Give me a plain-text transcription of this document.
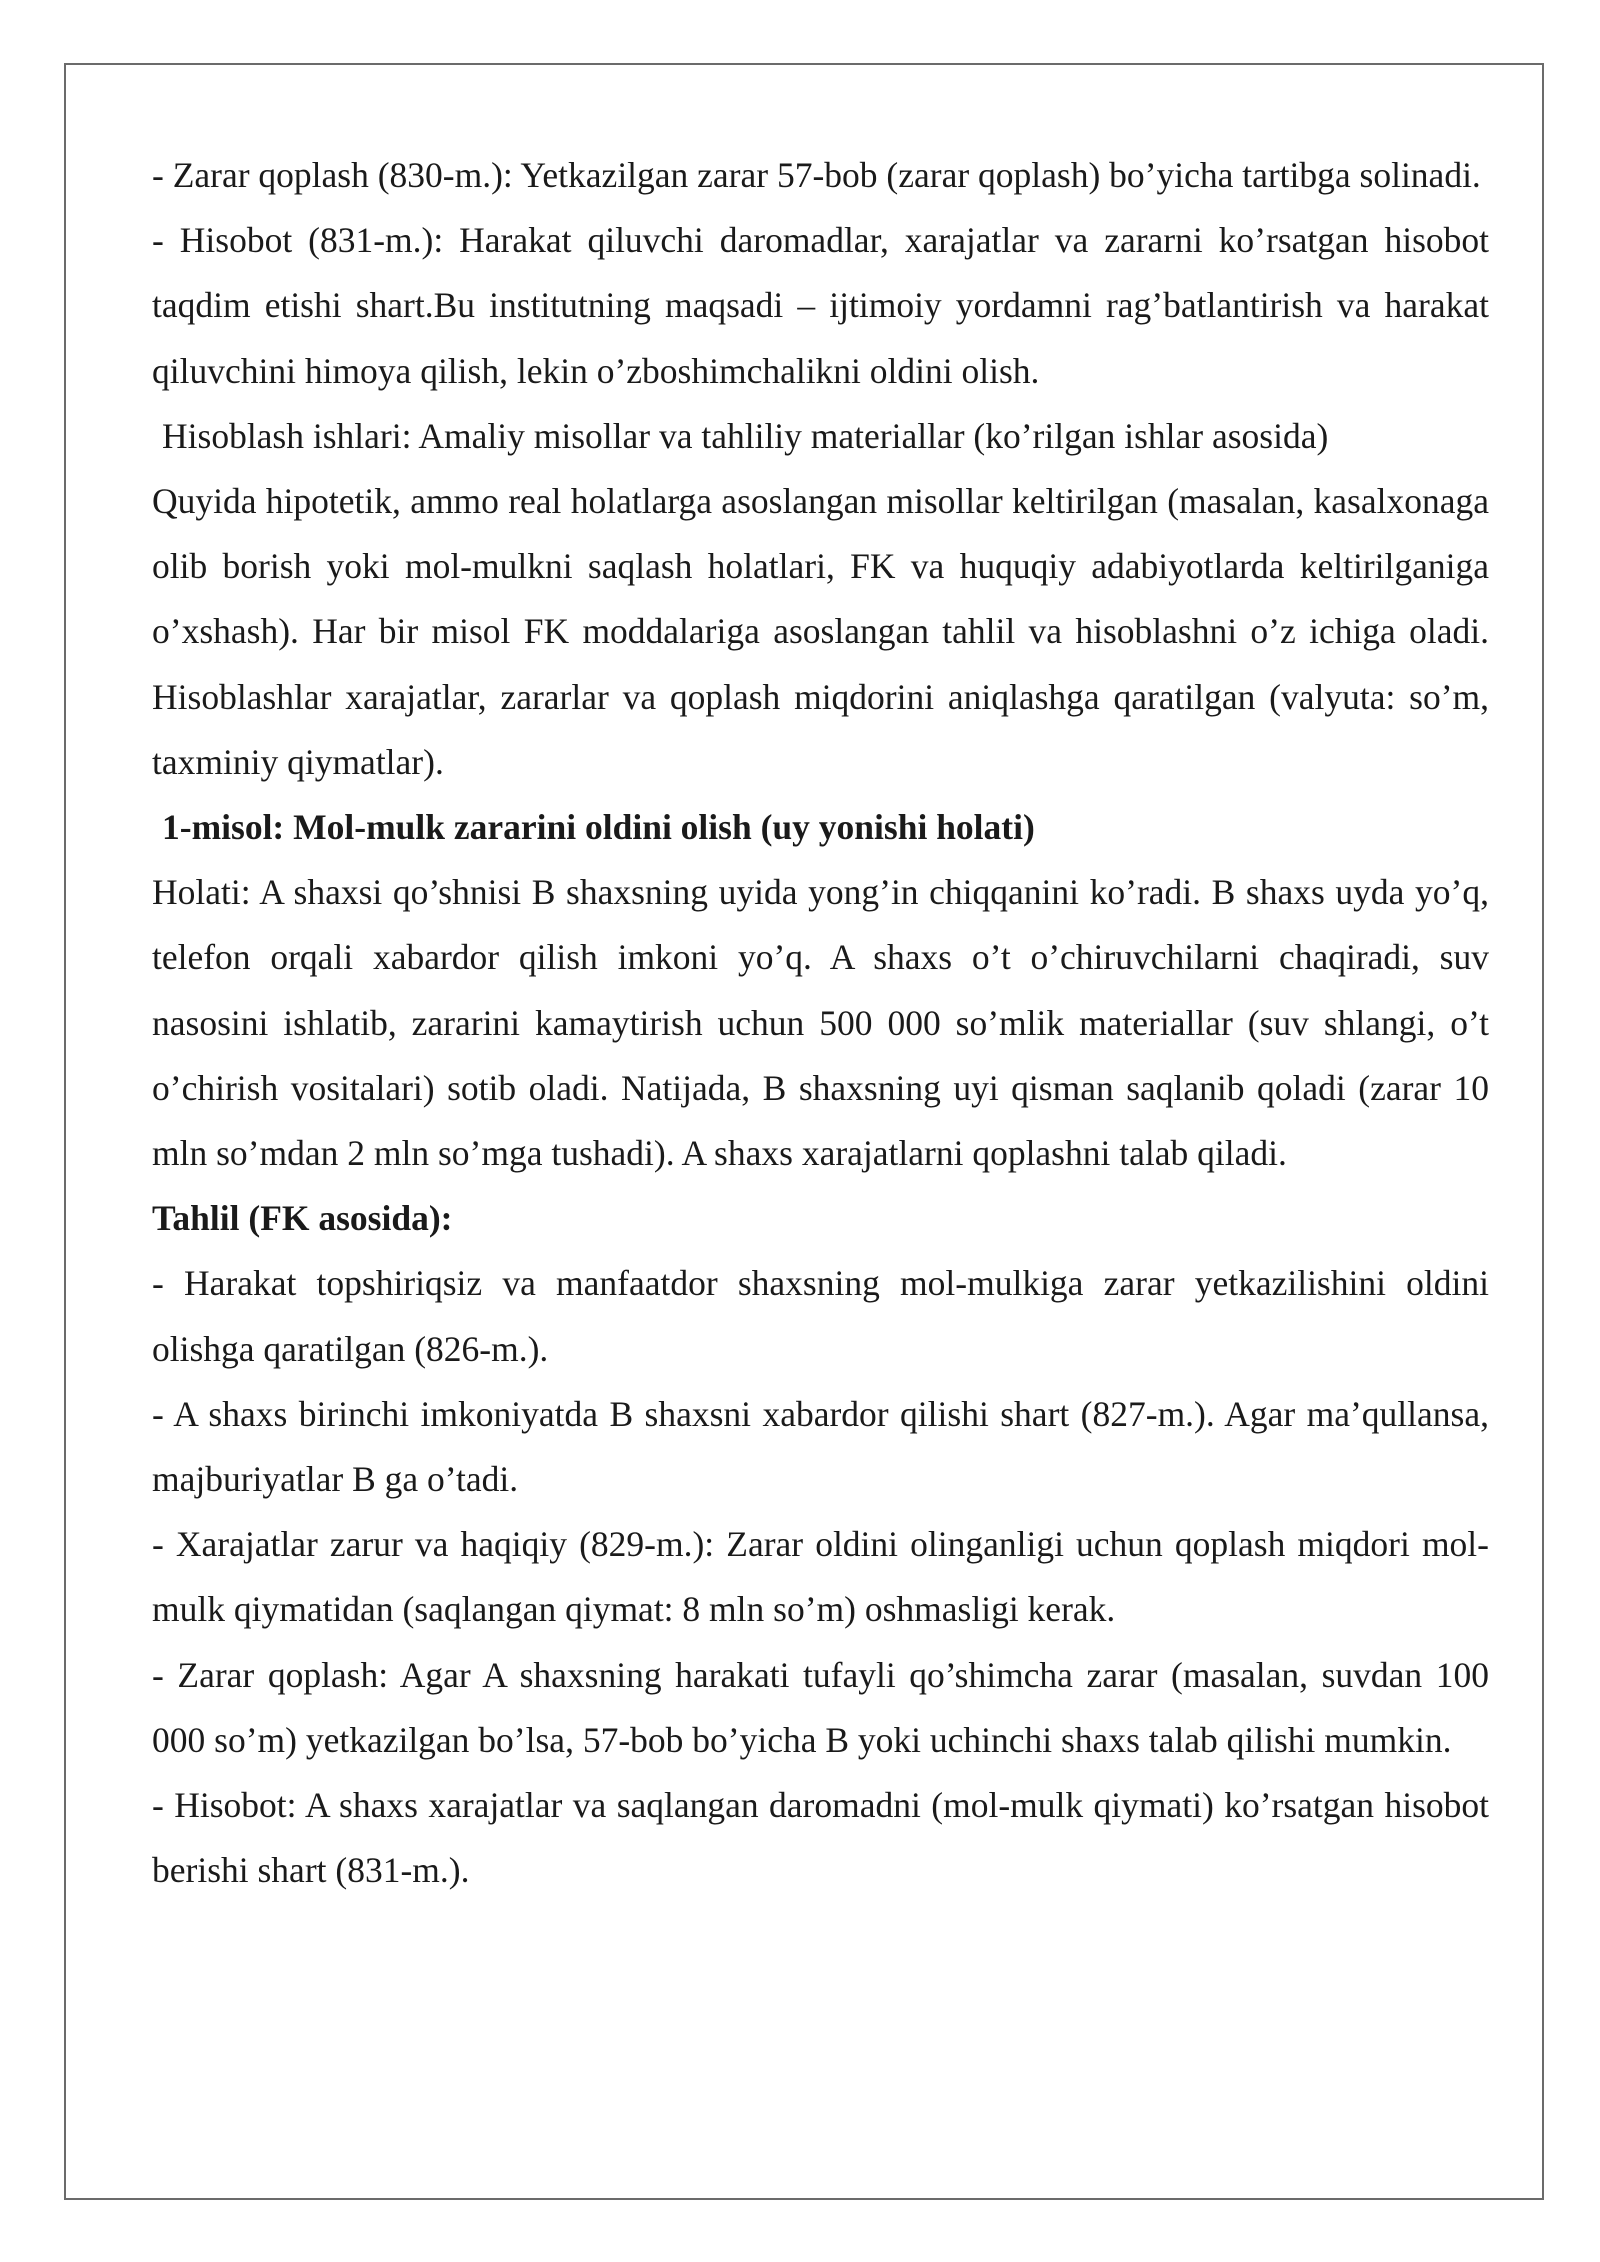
- Zarar qoplash (830-m.): Yetkazilgan zarar 57-bob (zarar qoplash) bo’yicha tartibga solinadi.

- Hisobot (831-m.): Harakat qiluvchi daromadlar, xarajatlar va zararni ko’rsatgan hisobot taqdim etishi shart.Bu institutning maqsadi – ijtimoiy yordamni rag’batlantirish va harakat qiluvchini himoya qilish, lekin o’zboshimchalikni oldini olish.

Hisoblash ishlari: Amaliy misollar va tahliliy materiallar (ko’rilgan ishlar asosida)

Quyida hipotetik, ammo real holatlarga asoslangan misollar keltirilgan (masalan, kasalxonaga olib borish yoki mol-mulkni saqlash holatlari, FK va huquqiy adabiyotlarda keltirilganiga o’xshash). Har bir misol FK moddalariga asoslangan tahlil va hisoblashni o’z ichiga oladi. Hisoblashlar xarajatlar, zararlar va qoplash miqdorini aniqlashga qaratilgan (valyuta: so’m, taxminiy qiymatlar).

1-misol: Mol-mulk zararini oldini olish (uy yonishi holati)

Holati: A shaxsi qo’shnisi B shaxsning uyida yong’in chiqqanini ko’radi. B shaxs uyda yo’q, telefon orqali xabardor qilish imkoni yo’q. A shaxs o’t o’chiruvchilarni chaqiradi, suv nasosini ishlatib, zararini kamaytirish uchun 500 000 so’mlik materiallar (suv shlangi, o’t o’chirish vositalari) sotib oladi. Natijada, B shaxsning uyi qisman saqlanib qoladi (zarar 10 mln so’mdan 2 mln so’mga tushadi). A shaxs xarajatlarni qoplashni talab qiladi.

Tahlil (FK asosida):

- Harakat topshiriqsiz va manfaatdor shaxsning mol-mulkiga zarar yetkazilishini oldini olishga qaratilgan (826-m.).

- A shaxs birinchi imkoniyatda B shaxsni xabardor qilishi shart (827-m.). Agar ma’qullansa, majburiyatlar B ga o’tadi.

- Xarajatlar zarur va haqiqiy (829-m.): Zarar oldini olinganligi uchun qoplash miqdori mol-mulk qiymatidan (saqlangan qiymat: 8 mln so’m) oshmasligi kerak.

- Zarar qoplash: Agar A shaxsning harakati tufayli qo’shimcha zarar (masalan, suvdan 100 000 so’m) yetkazilgan bo’lsa, 57-bob bo’yicha B yoki uchinchi shaxs talab qilishi mumkin.

- Hisobot: A shaxs xarajatlar va saqlangan daromadni (mol-mulk qiymati) ko’rsatgan hisobot berishi shart (831-m.).
